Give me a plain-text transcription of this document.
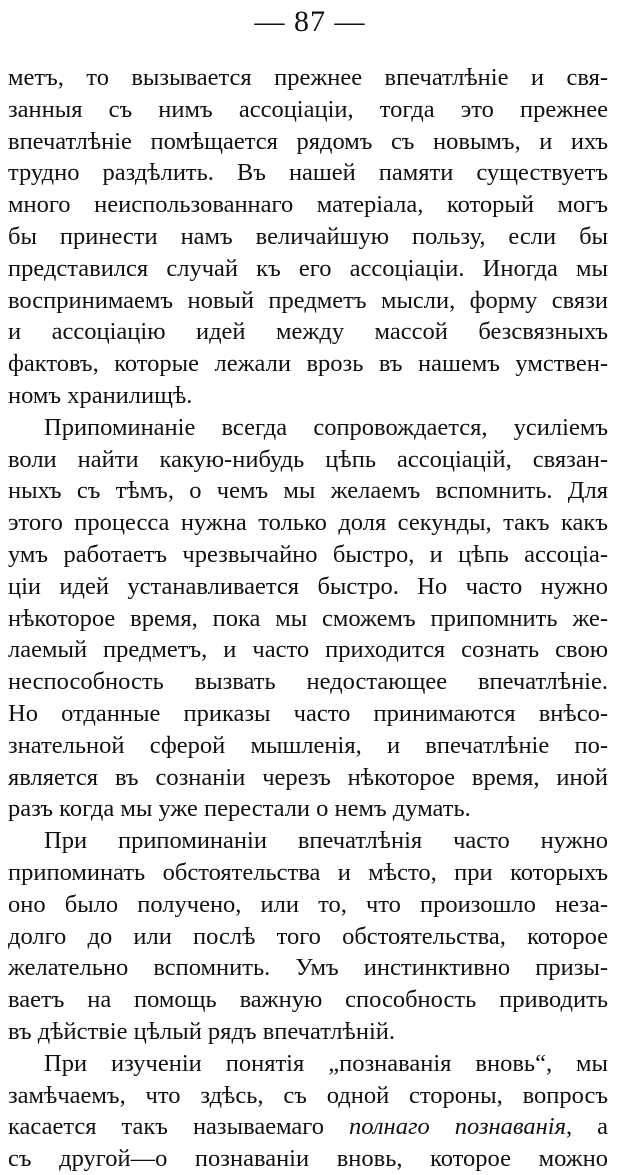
— 87 —
метъ, то вызывается прежнее впечатлѣніе и свя-
занныя съ нимъ ассоціаціи, тогда это прежнее
впечатлѣніе помѣщается рядомъ съ новымъ, и ихъ
трудно раздѣлить. Въ нашей памяти существуетъ
много неиспользованнаго матеріала, который могъ
бы принести намъ величайшую пользу, если бы
представился случай къ его ассоціаціи. Иногда мы
воспринимаемъ новый предметъ мысли, форму связи
и ассоціацію идей между массой безсвязныхъ
фактовъ, которые лежали врозь въ нашемъ умствен-
номъ хранилищѣ.
Припоминаніе всегда сопровождается, усиліемъ
воли найти какую-нибудь цѣпь ассоціацій, связан-
ныхъ съ тѣмъ, о чемъ мы желаемъ вспомнить. Для
этого процесса нужна только доля секунды, такъ какъ
умъ работаетъ чрезвычайно быстро, и цѣпь ассоціа-
ціи идей устанавливается быстро. Но часто нужно
нѣкоторое время, пока мы сможемъ припомнить же-
лаемый предметъ, и часто приходится сознать свою
неспособность вызвать недостающее впечатлѣніе.
Но отданные приказы часто принимаются внѣсо-
знательной сферой мышленія, и впечатлѣніе по-
является въ сознаніи черезъ нѣкоторое время, иной
разъ когда мы уже перестали о немъ думать.
При припоминаніи впечатлѣнія часто нужно
припоминать обстоятельства и мѣсто, при которыхъ
оно было получено, или то, что произошло неза-
долго до или послѣ того обстоятельства, которое
желательно вспомнить. Умъ инстинктивно призы-
ваетъ на помощь важную способность приводить
въ дѣйствіе цѣлый рядъ впечатлѣній.
При изученіи понятія „познаванія вновь“, мы
замѣчаемъ, что здѣсь, съ одной стороны, вопросъ
касается такъ называемаго полнаго познаванія, а
съ другой—о познаваніи вновь, которое можно
